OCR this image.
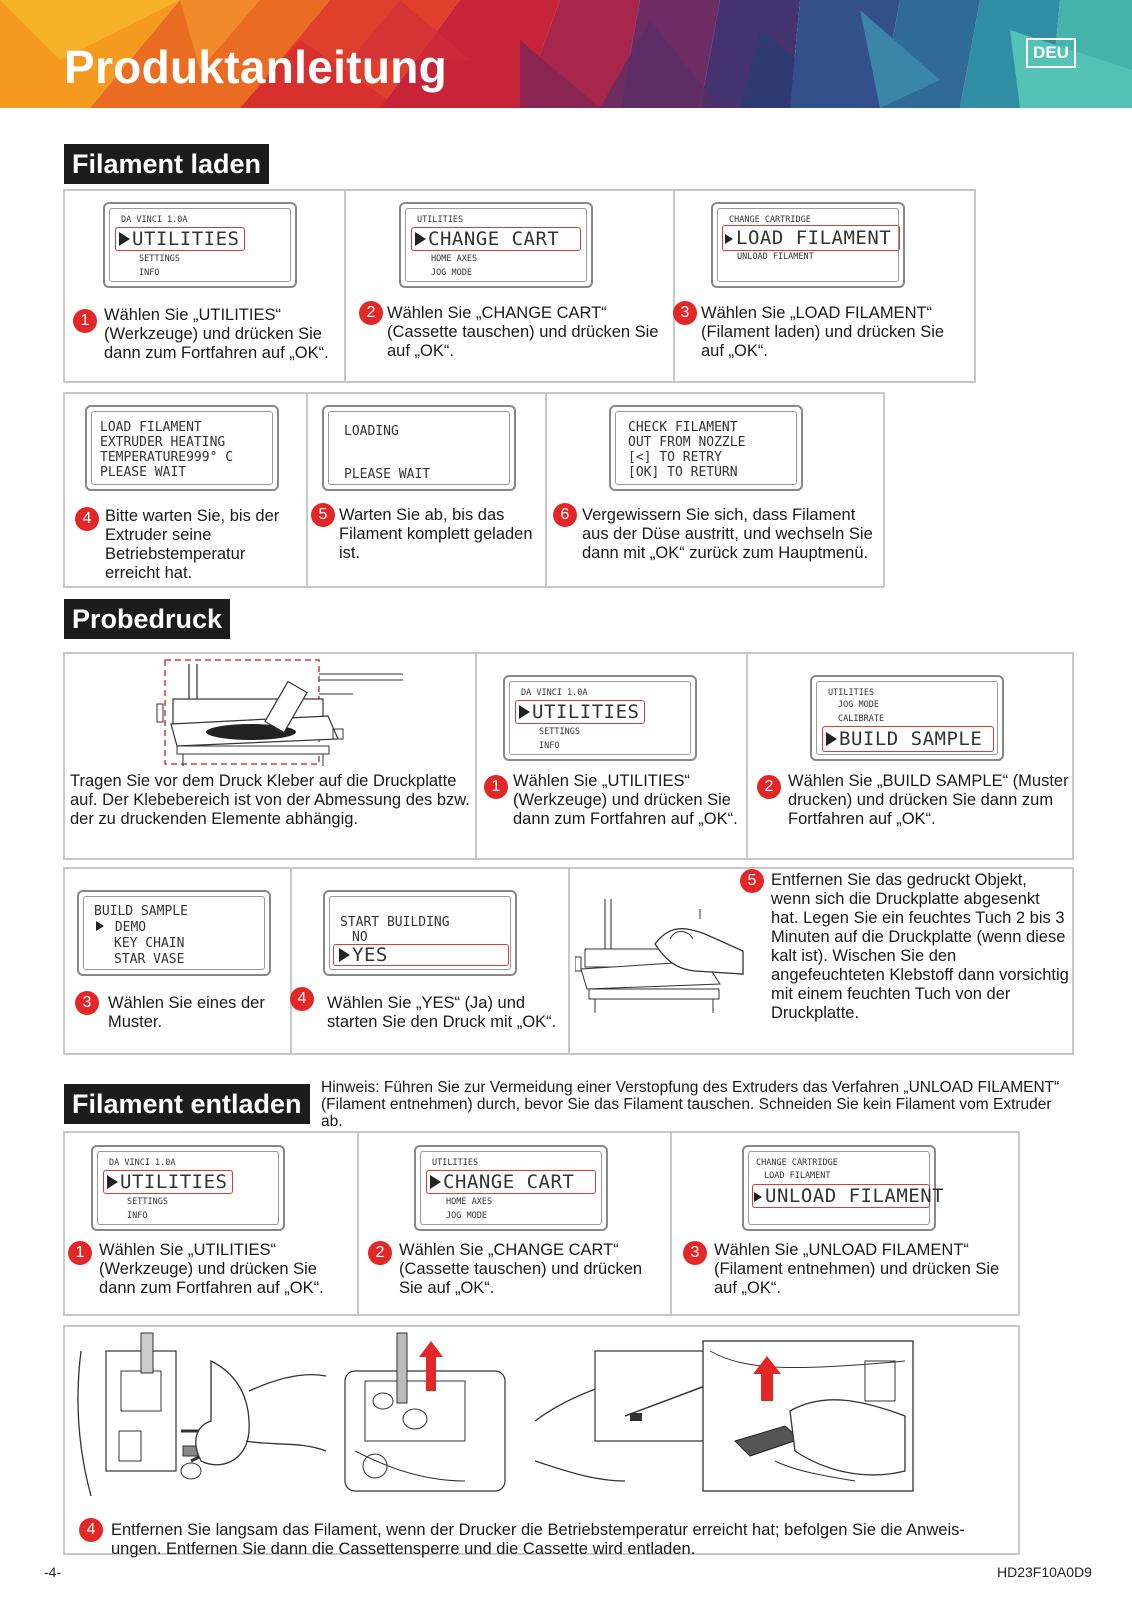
Produktanleitung	DEU
Filament laden
DA VINCI 1.0A
UTILITIES
SETTINGS
INFO
1 Wählen Sie „UTILITIES“ (Werkzeuge) und drücken Sie dann zum Fortfahren auf „OK“.
UTILITIES
CHANGE CART
HOME AXES
JOG MODE
2 Wählen Sie „CHANGE CART“ (Cassette tauschen) und drücken Sie auf „OK“.
CHANGE CARTRIDGE
LOAD FILAMENT
UNLOAD FILAMENT
3 Wählen Sie „LOAD FILAMENT“ (Filament laden) und drücken Sie auf „OK“.
LOAD FILAMENT
EXTRUDER HEATING
TEMPERATURE999° C
PLEASE WAIT
4 Bitte warten Sie, bis der Extruder seine Betriebstemperatur erreicht hat.
LOADING
PLEASE WAIT
5 Warten Sie ab, bis das Filament komplett geladen ist.
CHECK FILAMENT
OUT FROM NOZZLE
[<] TO RETRY
[OK] TO RETURN
6 Vergewissern Sie sich, dass Filament aus der Düse austritt, und wechseln Sie dann mit „OK“ zurück zum Hauptmenü.
Probedruck
Tragen Sie vor dem Druck Kleber auf die Druckplatte auf. Der Klebebereich ist von der Abmessung des bzw. der zu druckenden Elemente abhängig.
DA VINCI 1.0A
UTILITIES
SETTINGS
INFO
1 Wählen Sie „UTILITIES“ (Werkzeuge) und drücken Sie dann zum Fortfahren auf „OK“.
UTILITIES
JOG MODE
CALIBRATE
BUILD SAMPLE
2 Wählen Sie „BUILD SAMPLE“ (Muster drucken) und drücken Sie dann zum Fortfahren auf „OK“.
BUILD SAMPLE
DEMO
KEY CHAIN
STAR VASE
3	Wählen Sie eines der Muster.
START BUILDING
NO
YES
4	Wählen Sie „YES“ (Ja) und starten Sie den Druck mit „OK“.
5 Entfernen Sie das gedruckt Objekt, wenn sich die Druckplatte abgesenkt hat. Legen Sie ein feuchtes Tuch 2 bis 3 Minuten auf die Druckplatte (wenn diese kalt ist). Wischen Sie den angefeuchteten Klebstoff dann vorsichtig mit einem feuchten Tuch von der Druckplatte.
Filament entladen
Hinweis: Führen Sie zur Vermeidung einer Verstopfung des Extruders das Verfahren „UNLOAD FILAMENT“ (Filament entnehmen) durch, bevor Sie das Filament tauschen. Schneiden Sie kein Filament vom Extruder ab.
DA VINCI 1.0A
UTILITIES
SETTINGS
INFO
1 Wählen Sie „UTILITIES“ (Werkzeuge) und drücken Sie dann zum Fortfahren auf „OK“.
UTILITIES
CHANGE CART
HOME AXES
JOG MODE
2 Wählen Sie „CHANGE CART“ (Cassette tauschen) und drücken Sie auf „OK“.
CHANGE CARTRIDGE
LOAD FILAMENT
UNLOAD FILAMENT
3 Wählen Sie „UNLOAD FILAMENT“ (Filament entnehmen) und drücken Sie auf „OK“.
4 Entfernen Sie langsam das Filament, wenn der Drucker die Betriebstemperatur erreicht hat; befolgen Sie die Anweis- ungen. Entfernen Sie dann die Cassettensperre und die Cassette wird entladen.
-4-	HD23F10A0D9
